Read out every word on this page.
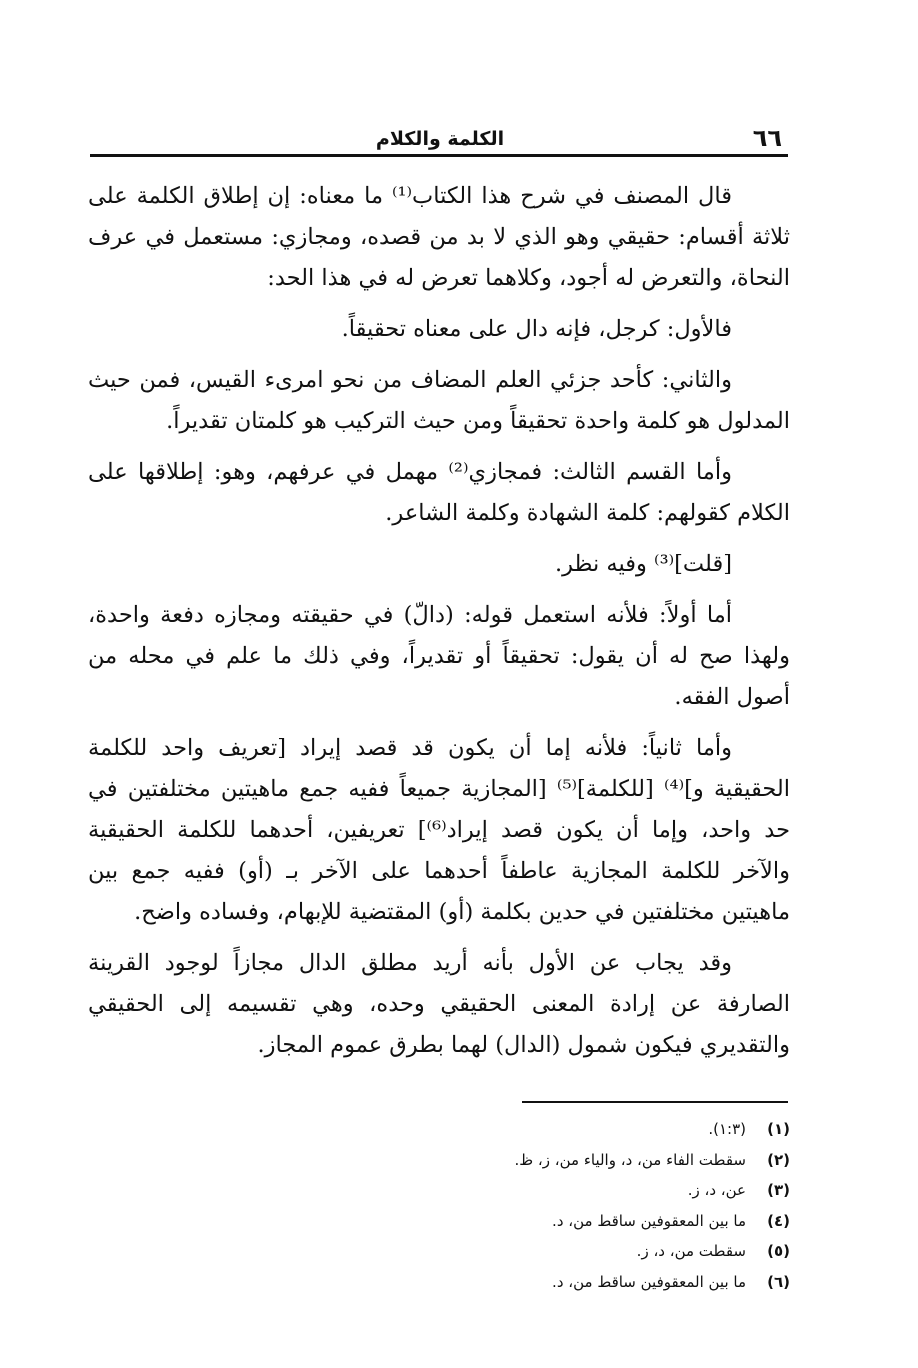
٦٦
الكلمة والكلام

قال المصنف في شرح هذا الكتاب⁽¹⁾ ما معناه: إن إطلاق الكلمة على ثلاثة أقسام: حقيقي وهو الذي لا بد من قصده، ومجازي: مستعمل في عرف النحاة، والتعرض له أجود، وكلاهما تعرض له في هذا الحد:

فالأول: كرجل، فإنه دال على معناه تحقيقاً.

والثاني: كأحد جزئي العلم المضاف من نحو امرىء القيس، فمن حيث المدلول هو كلمة واحدة تحقيقاً ومن حيث التركيب هو كلمتان تقديراً.

وأما القسم الثالث: فمجازي⁽²⁾ مهمل في عرفهم، وهو: إطلاقها على الكلام كقولهم: كلمة الشهادة وكلمة الشاعر.

[قلت]⁽³⁾ وفيه نظر.

أما أولاً: فلأنه استعمل قوله: (دالّ) في حقيقته ومجازه دفعة واحدة، ولهذا صح له أن يقول: تحقيقاً أو تقديراً، وفي ذلك ما علم في محله من أصول الفقه.

وأما ثانياً: فلأنه إما أن يكون قد قصد إيراد [تعريف واحد للكلمة الحقيقية و]⁽⁴⁾ [للكلمة]⁽⁵⁾ [المجازية جميعاً ففيه جمع ماهيتين مختلفتين في حد واحد، وإما أن يكون قصد إيراد⁽⁶⁾] تعريفين، أحدهما للكلمة الحقيقية والآخر للكلمة المجازية عاطفاً أحدهما على الآخر بـ (أو) ففيه جمع بين ماهيتين مختلفتين في حدين بكلمة (أو) المقتضية للإبهام، وفساده واضح.

وقد يجاب عن الأول بأنه أريد مطلق الدال مجازاً لوجود القرينة الصارفة عن إرادة المعنى الحقيقي وحده، وهي تقسيمه إلى الحقيقي والتقديري فيكون شمول (الدال) لهما بطرق عموم المجاز.

(١)(١:٣).
(٢)سقطت الفاء من، د، والياء من، ز، ظ.
(٣)عن، د، ز.
(٤)ما بين المعقوفين ساقط من، د.
(٥)سقطت من، د، ز.
(٦)ما بين المعقوفين ساقط من، د.
